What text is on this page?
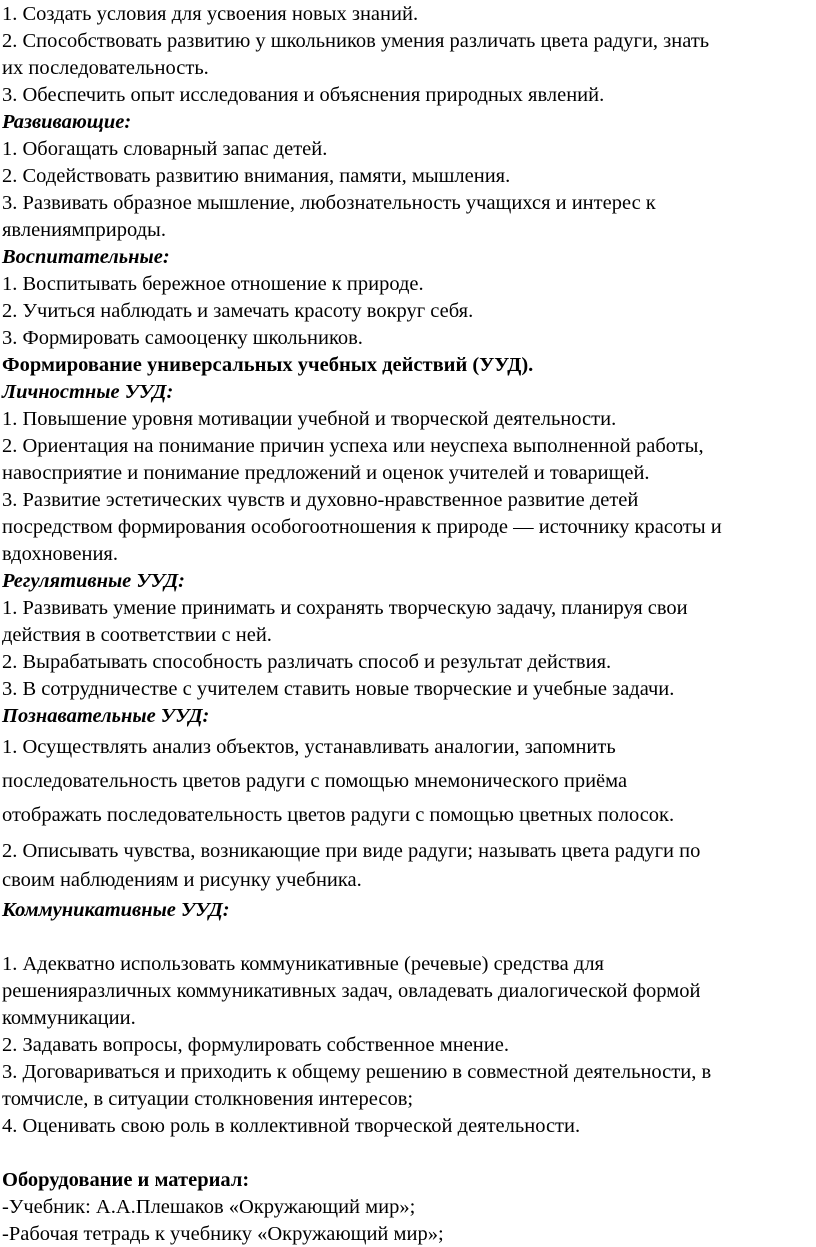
1. Создать условия для усвоения новых знаний.
2. Способствовать развитию у школьников умения различать цвета радуги, знать
их последовательность.
3. Обеспечить опыт исследования и объяснения природных явлений.
Развивающие:
1. Обогащать словарный запас детей.
2. Содействовать развитию внимания, памяти, мышления.
3. Развивать образное мышление, любознательность учащихся и интерес к
явлениямприроды.
Воспитательные:
1. Воспитывать бережное отношение к природе.
2. Учиться наблюдать и замечать красоту вокруг себя.
3. Формировать самооценку школьников.
Формирование универсальных учебных действий (УУД).
Личностные УУД:
1. Повышение уровня мотивации учебной и творческой деятельности.
2. Ориентация на понимание причин успеха или неуспеха выполненной работы,
навосприятие и понимание предложений и оценок учителей и товарищей.
3. Развитие эстетических чувств и духовно-нравственное развитие детей
посредством формирования особогоотношения к природе — источнику красоты и
вдохновения.
Регулятивные УУД:
1. Развивать умение принимать и сохранять творческую задачу, планируя свои
действия в соответствии с ней.
2. Вырабатывать способность различать способ и результат действия.
3. В сотрудничестве с учителем ставить новые творческие и учебные задачи.
Познавательные УУД:
1. Осуществлять анализ объектов, устанавливать аналогии, запомнить
последовательность цветов радуги с помощью мнемонического приёма
отображать последовательность цветов радуги с помощью цветных полосок.
2. Описывать чувства, возникающие при виде радуги; называть цвета радуги по
своим наблюдениям и рисунку учебника.
Коммуникативные УУД:
1. Адекватно использовать коммуникативные (речевые) средства для
решенияразличных коммуникативных задач, овладевать диалогической формой
коммуникации.
2. Задавать вопросы, формулировать собственное мнение.
3. Договариваться и приходить к общему решению в совместной деятельности, в
томчисле, в ситуации столкновения интересов;
4. Оценивать свою роль в коллективной творческой деятельности.
Оборудование и материал:
-Учебник: А.А.Плешаков «Окружающий мир»;
-Рабочая тетрадь к учебнику «Окружающий мир»;
